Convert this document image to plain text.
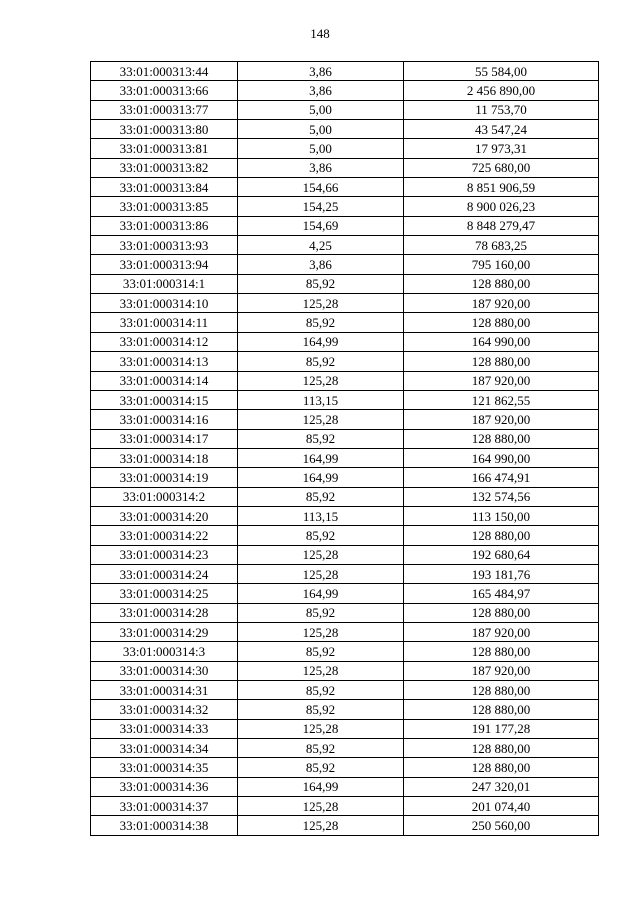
148
33:01:000313:44	3,86	55 584,00
33:01:000313:66	3,86	2 456 890,00
33:01:000313:77	5,00	11 753,70
33:01:000313:80	5,00	43 547,24
33:01:000313:81	5,00	17 973,31
33:01:000313:82	3,86	725 680,00
33:01:000313:84	154,66	8 851 906,59
33:01:000313:85	154,25	8 900 026,23
33:01:000313:86	154,69	8 848 279,47
33:01:000313:93	4,25	78 683,25
33:01:000313:94	3,86	795 160,00
33:01:000314:1	85,92	128 880,00
33:01:000314:10	125,28	187 920,00
33:01:000314:11	85,92	128 880,00
33:01:000314:12	164,99	164 990,00
33:01:000314:13	85,92	128 880,00
33:01:000314:14	125,28	187 920,00
33:01:000314:15	113,15	121 862,55
33:01:000314:16	125,28	187 920,00
33:01:000314:17	85,92	128 880,00
33:01:000314:18	164,99	164 990,00
33:01:000314:19	164,99	166 474,91
33:01:000314:2	85,92	132 574,56
33:01:000314:20	113,15	113 150,00
33:01:000314:22	85,92	128 880,00
33:01:000314:23	125,28	192 680,64
33:01:000314:24	125,28	193 181,76
33:01:000314:25	164,99	165 484,97
33:01:000314:28	85,92	128 880,00
33:01:000314:29	125,28	187 920,00
33:01:000314:3	85,92	128 880,00
33:01:000314:30	125,28	187 920,00
33:01:000314:31	85,92	128 880,00
33:01:000314:32	85,92	128 880,00
33:01:000314:33	125,28	191 177,28
33:01:000314:34	85,92	128 880,00
33:01:000314:35	85,92	128 880,00
33:01:000314:36	164,99	247 320,01
33:01:000314:37	125,28	201 074,40
33:01:000314:38	125,28	250 560,00
